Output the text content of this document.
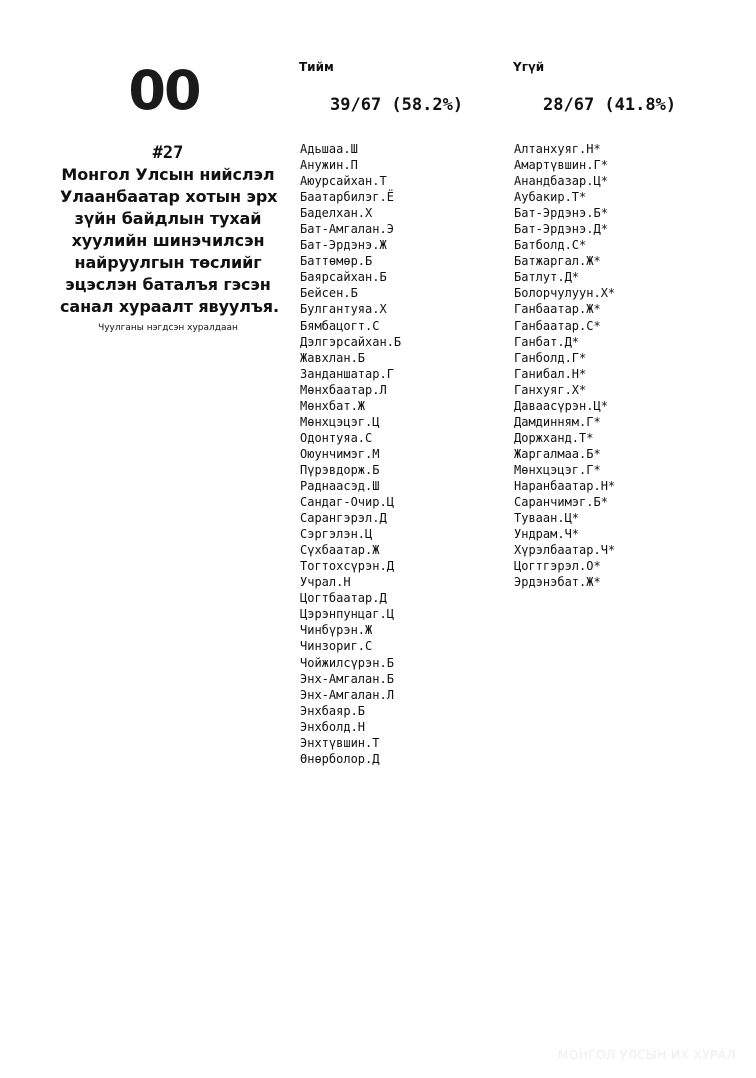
00
#27
Монгол Улсын нийслэл
Улаанбаатар хотын эрх
зүйн байдлын тухай
хуулийн шинэчилсэн
найруулгын төслийг
эцэслэн баталъя гэсэн
санал хураалт явуулъя.
Чуулганы нэгдсэн хуралдаан
Тийм	Үгүй
39/67 (58.2%)	28/67 (41.8%)
Адьшаа.Ш
Анужин.П
Аюурсайхан.Т
Баатарбилэг.Ё
Баделхан.Х
Бат-Амгалан.Э
Бат-Эрдэнэ.Ж
Баттөмөр.Б
Баярсайхан.Б
Бейсен.Б
Булгантуяа.Х
Бямбацогт.С
Дэлгэрсайхан.Б
Жавхлан.Б
Занданшатар.Г
Мөнхбаатар.Л
Мөнхбат.Ж
Мөнхцэцэг.Ц
Одонтуяа.С
Оюунчимэг.М
Пүрэвдорж.Б
Раднаасэд.Ш
Сандаг-Очир.Ц
Сарангэрэл.Д
Сэргэлэн.Ц
Сүхбаатар.Ж
Тогтохсүрэн.Д
Учрал.Н
Цогтбаатар.Д
Цэрэнпунцаг.Ц
Чинбүрэн.Ж
Чинзориг.С
Чойжилсүрэн.Б
Энх-Амгалан.Б
Энх-Амгалан.Л
Энхбаяр.Б
Энхболд.Н
Энхтүвшин.Т
Өнөрболор.Д
Алтанхуяг.Н*
Амартүвшин.Г*
Анандбазар.Ц*
Аубакир.Т*
Бат-Эрдэнэ.Б*
Бат-Эрдэнэ.Д*
Батболд.С*
Батжаргал.Ж*
Батлут.Д*
Болорчулуун.Х*
Ганбаатар.Ж*
Ганбаатар.С*
Ганбат.Д*
Ганболд.Г*
Ганибал.Н*
Ганхуяг.Х*
Даваасүрэн.Ц*
Дамдинням.Г*
Доржханд.Т*
Жаргалмаа.Б*
Мөнхцэцэг.Г*
Наранбаатар.Н*
Саранчимэг.Б*
Туваан.Ц*
Ундрам.Ч*
Хүрэлбаатар.Ч*
Цогтгэрэл.О*
Эрдэнэбат.Ж*
МОНГОЛ УЛСЫН ИХ ХУРАЛ
